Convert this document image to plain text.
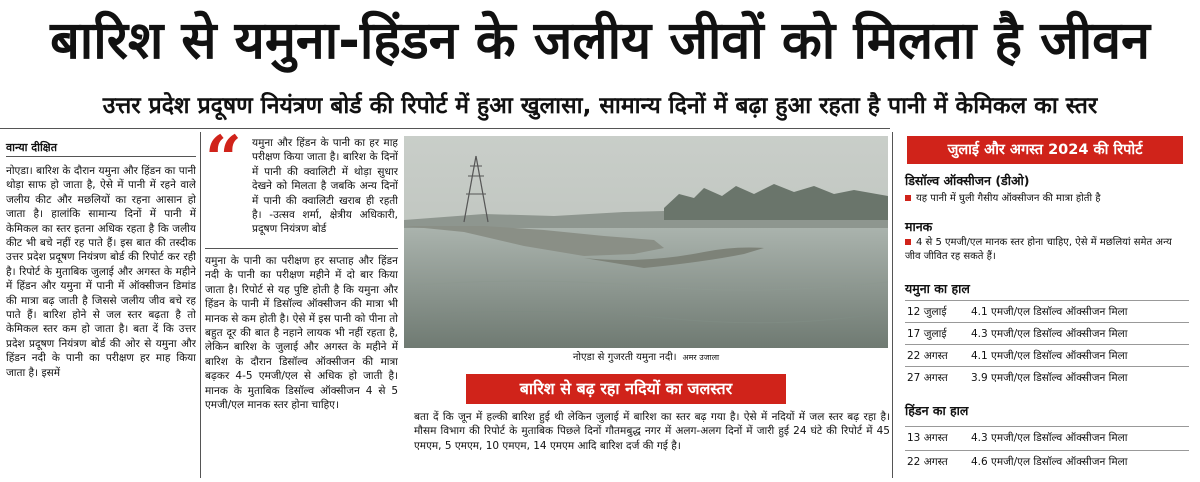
बारिश से यमुना-हिंडन के जलीय जीवों को मिलता है जीवन
उत्तर प्रदेश प्रदूषण नियंत्रण बोर्ड की रिपोर्ट में हुआ खुलासा, सामान्य दिनों में बढ़ा हुआ रहता है पानी में केमिकल का स्तर
वान्या दीक्षित
नोएडा। बारिश के दौरान यमुना और हिंडन का पानी थोड़ा साफ हो जाता है, ऐसे में पानी में रहने वाले जलीय कीट और मछलियों का रहना आसान हो जाता है। हालांकि सामान्य दिनों में पानी में केमिकल का स्तर इतना अधिक रहता है कि जलीय कीट भी बचे नहीं रह पाते हैं। इस बात की तस्दीक उत्तर प्रदेश प्रदूषण नियंत्रण बोर्ड की रिपोर्ट कर रही है। रिपोर्ट के मुताबिक जुलाई और अगस्त के महीने में हिंडन और यमुना में पानी में ऑक्सीजन डिमांड की मात्रा बढ़ जाती है जिससे जलीय जीव बचे रह पाते हैं। बारिश होने से जल स्तर बढ़ता है तो केमिकल स्तर कम हो जाता है। बता दें कि उत्तर प्रदेश प्रदूषण नियंत्रण बोर्ड की ओर से यमुना और हिंडन नदी के पानी का परीक्षण हर माह किया जाता है। इसमें
“ यमुना और हिंडन के पानी का हर माह परीक्षण किया जाता है। बारिश के दिनों में पानी की क्वालिटी में थोड़ा सुधार देखने को मिलता है जबकि अन्य दिनों में पानी की क्वालिटी खराब ही रहती है। -उत्सव शर्मा, क्षेत्रीय अधिकारी, प्रदूषण नियंत्रण बोर्ड
यमुना के पानी का परीक्षण हर सप्ताह और हिंडन नदी के पानी का परीक्षण महीने में दो बार किया जाता है। रिपोर्ट से यह पुष्टि होती है कि यमुना और हिंडन के पानी में डिसॉल्व ऑक्सीजन की मात्रा भी मानक से कम होती है। ऐसे में इस पानी को पीना तो बहुत दूर की बात है नहाने लायक भी नहीं रहता है, लेकिन बारिश के जुलाई और अगस्त के महीने में बारिश के दौरान डिसॉल्व ऑक्सीजन की मात्रा बढ़कर 4-5 एमजी/एल से अधिक हो जाती है। मानक के मुताबिक डिसॉल्व ऑक्सीजन 4 से 5 एमजी/एल मानक स्तर होना चाहिए।
नोएडा से गुजरती यमुना नदी। अमर उजाला
बारिश से बढ़ रहा नदियों का जलस्तर
बता दें कि जून में हल्की बारिश हुई थी लेकिन जुलाई में बारिश का स्तर बढ़ गया है। ऐसे में नदियों में जल स्तर बढ़ रहा है। मौसम विभाग की रिपोर्ट के मुताबिक पिछले दिनों गौतमबुद्ध नगर में अलग-अलग दिनों में जारी हुई 24 घंटे की रिपोर्ट में 45 एमएम, 5 एमएम, 10 एमएम, 14 एमएम आदि बारिश दर्ज की गई है।
जुलाई और अगस्त 2024 की रिपोर्ट
डिसॉल्व ऑक्सीजन (डीओ)
यह पानी में घुली गैसीय ऑक्सीजन की मात्रा होती है
मानक
4 से 5 एमजी/एल मानक स्तर होना चाहिए, ऐसे में मछलियां समेत अन्य जीव जीवित रह सकते हैं।
यमुना का हाल
12 जुलाई 4.1 एमजी/एल डिसॉल्व ऑक्सीजन मिला
17 जुलाई 4.3 एमजी/एल डिसॉल्व ऑक्सीजन मिला
22 अगस्त 4.1 एमजी/एल डिसॉल्व ऑक्सीजन मिला
27 अगस्त 3.9 एमजी/एल डिसॉल्व ऑक्सीजन मिला
हिंडन का हाल
13 अगस्त 4.3 एमजी/एल डिसॉल्व ऑक्सीजन मिला
22 अगस्त 4.6 एमजी/एल डिसॉल्व ऑक्सीजन मिला
